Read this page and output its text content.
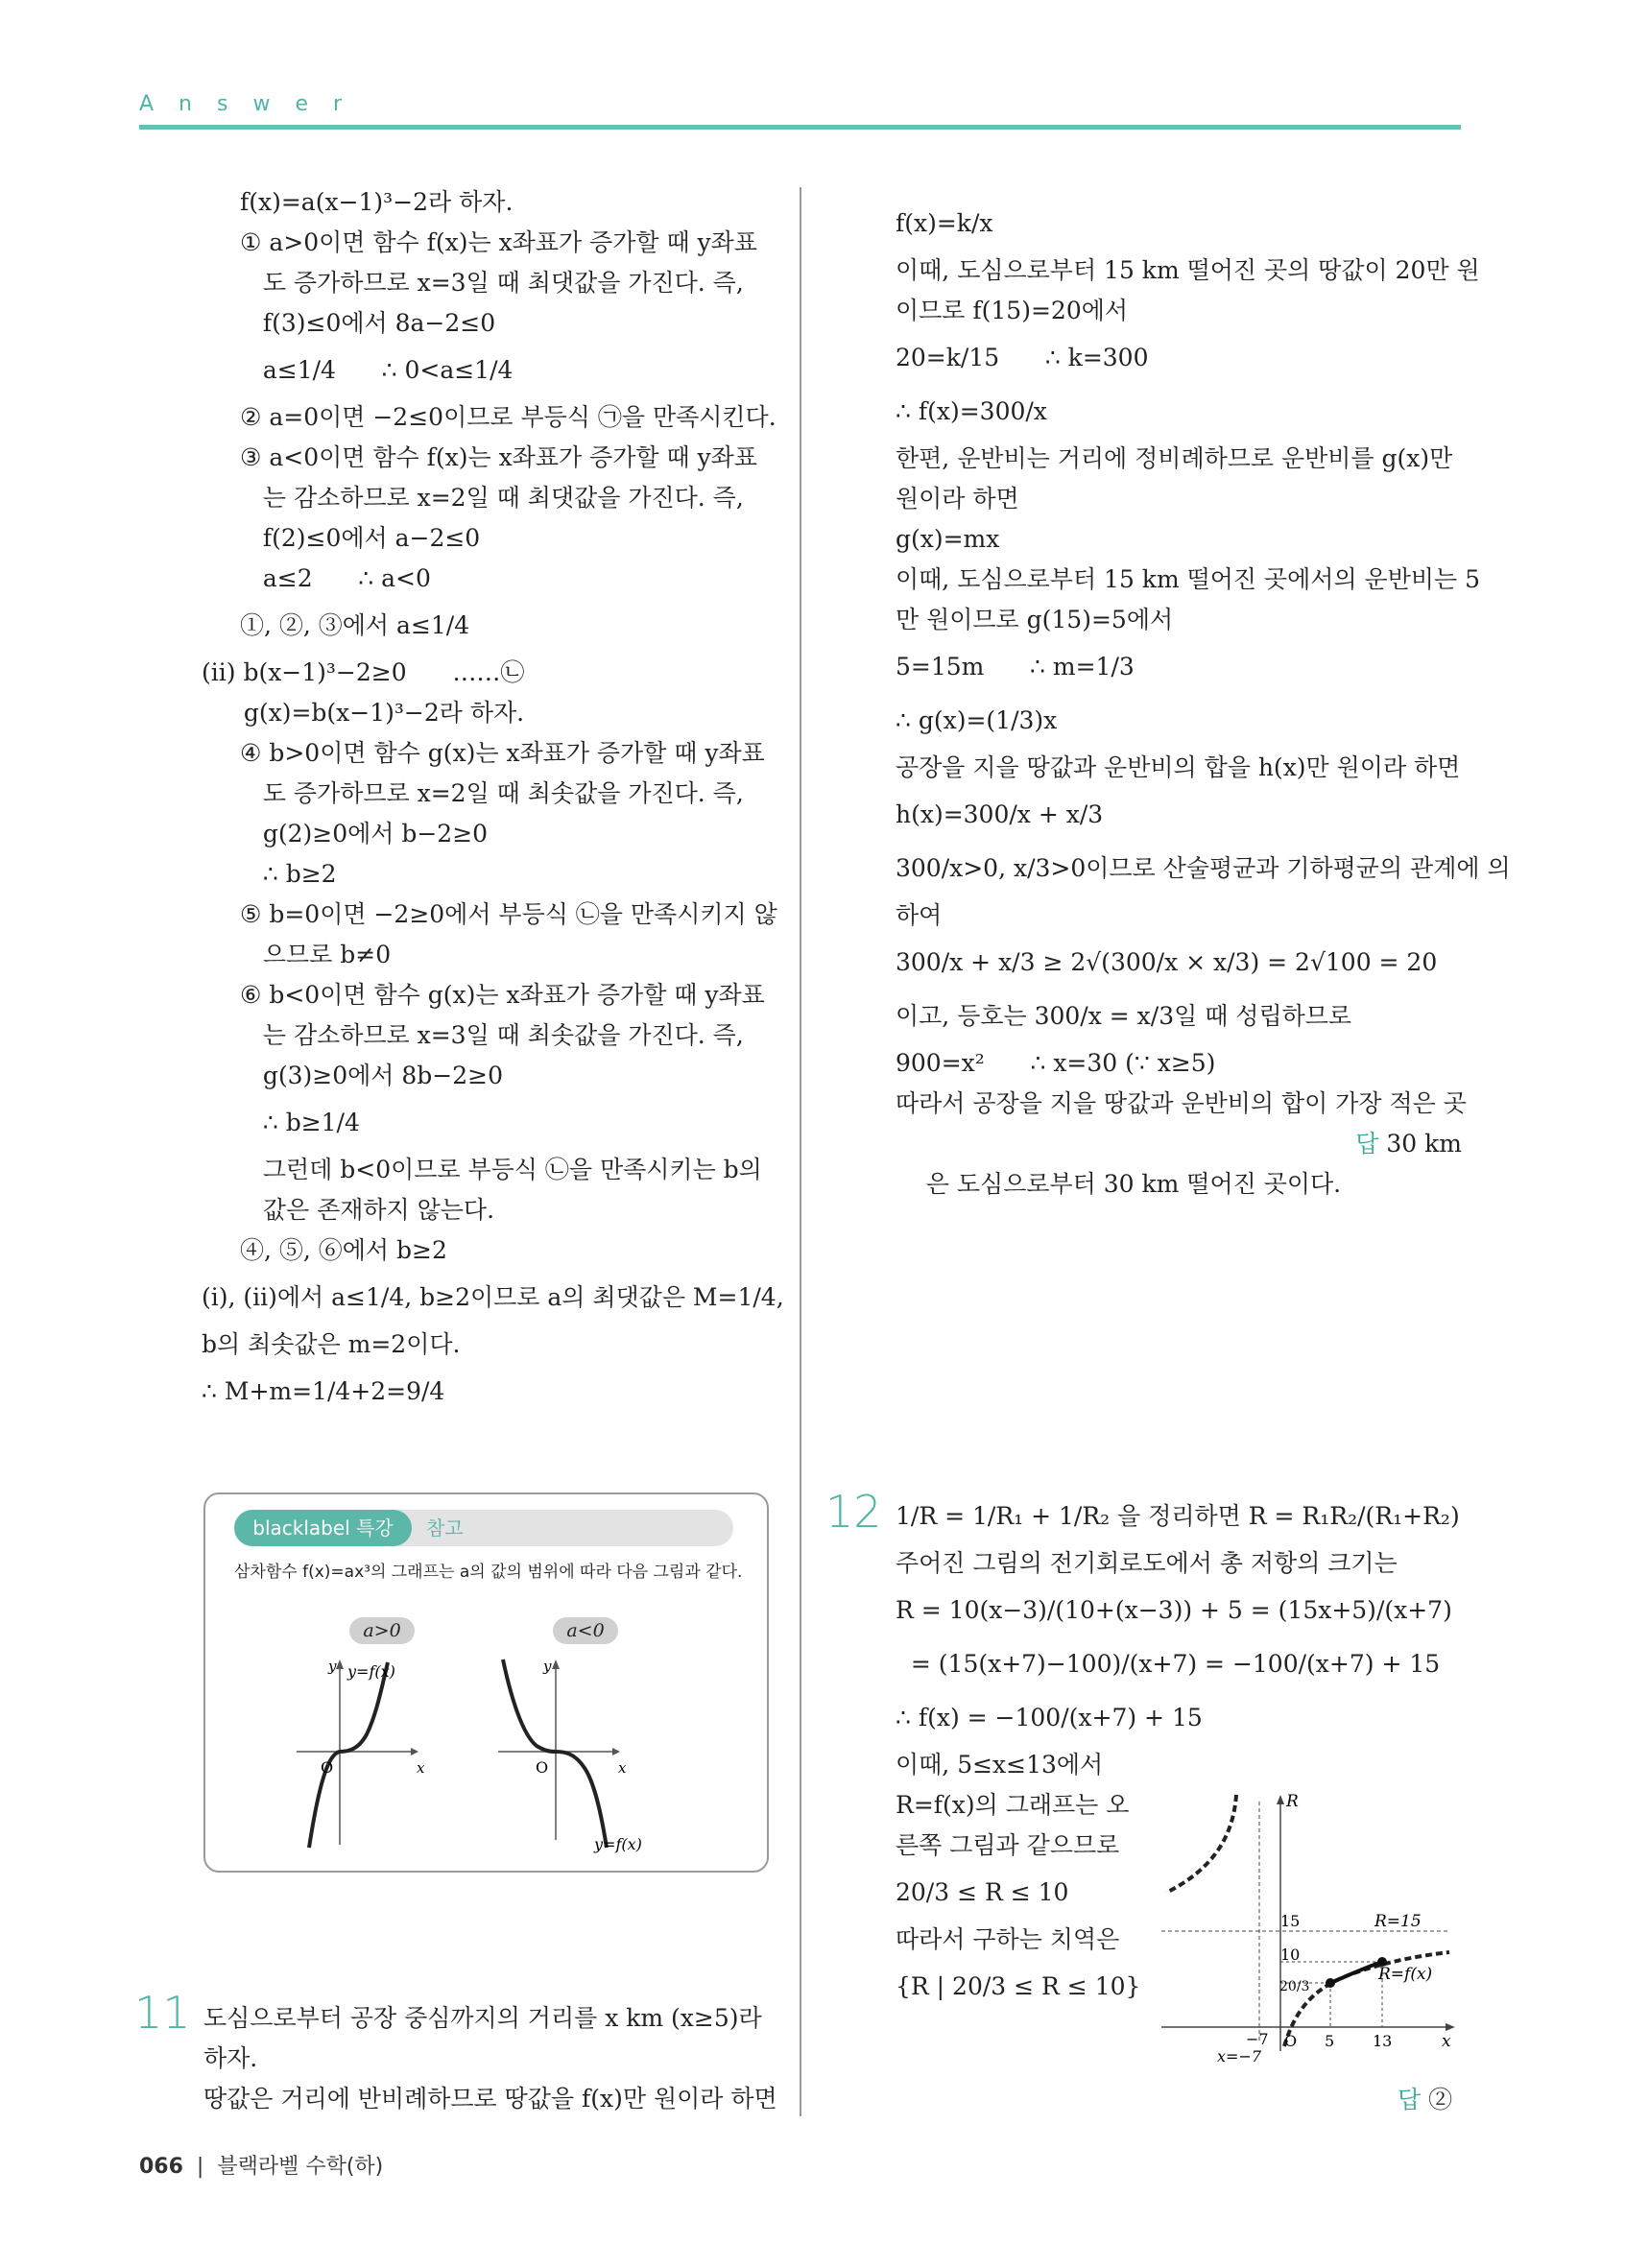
Answer
f(x)=a(x−1)³−2라 하자.
① a>0이면 함수 f(x)는 x좌표가 증가할 때 y좌표
도 증가하므로 x=3일 때 최댓값을 가진다. 즉,
f(3)≤0에서 8a−2≤0
a≤1/4      ∴ 0<a≤1/4
② a=0이면 −2≤0이므로 부등식 ㉠을 만족시킨다.
③ a<0이면 함수 f(x)는 x좌표가 증가할 때 y좌표
는 감소하므로 x=2일 때 최댓값을 가진다. 즉,
f(2)≤0에서 a−2≤0
a≤2      ∴ a<0
①, ②, ③에서 a≤1/4
(ii) b(x−1)³−2≥0      ……㉡
g(x)=b(x−1)³−2라 하자.
④ b>0이면 함수 g(x)는 x좌표가 증가할 때 y좌표
도 증가하므로 x=2일 때 최솟값을 가진다. 즉,
g(2)≥0에서 b−2≥0
∴ b≥2
⑤ b=0이면 −2≥0에서 부등식 ㉡을 만족시키지 않
으므로 b≠0
⑥ b<0이면 함수 g(x)는 x좌표가 증가할 때 y좌표
는 감소하므로 x=3일 때 최솟값을 가진다. 즉,
g(3)≥0에서 8b−2≥0
∴ b≥1/4
그런데 b<0이므로 부등식 ㉡을 만족시키는 b의
값은 존재하지 않는다.
④, ⑤, ⑥에서 b≥2
(i), (ii)에서 a≤1/4, b≥2이므로 a의 최댓값은 M=1/4,
b의 최솟값은 m=2이다.
∴ M+m=1/4+2=9/4
blacklabel 특강	참고
삼차함수 f(x)=ax³의 그래프는 a의 값의 범위에 따라 다음 그림과 같다.
a>0	a<0
y y=f(x)
x
O
y
x
O
y=f(x)
11 도심으로부터 공장 중심까지의 거리를 x km (x≥5)라
하자.
땅값은 거리에 반비례하므로 땅값을 f(x)만 원이라 하면
f(x)=k/x
이때, 도심으로부터 15 km 떨어진 곳의 땅값이 20만 원
이므로 f(15)=20에서
20=k/15      ∴ k=300
∴ f(x)=300/x
한편, 운반비는 거리에 정비례하므로 운반비를 g(x)만
원이라 하면
g(x)=mx
이때, 도심으로부터 15 km 떨어진 곳에서의 운반비는 5
만 원이므로 g(15)=5에서
5=15m      ∴ m=1/3
∴ g(x)=(1/3)x
공장을 지을 땅값과 운반비의 합을 h(x)만 원이라 하면
h(x)=300/x + x/3
300/x>0, x/3>0이므로 산술평균과 기하평균의 관계에 의
하여
300/x + x/3 ≥ 2√(300/x × x/3) = 2√100 = 20
이고, 등호는 300/x = x/3일 때 성립하므로
900=x²      ∴ x=30 (∵ x≥5)
따라서 공장을 지을 땅값과 운반비의 합이 가장 적은 곳

은 도심으로부터 30 km 떨어진 곳이다.

답 30 km

12 1/R = 1/R₁ + 1/R₂ 을 정리하면 R = R₁R₂/(R₁+R₂)
주어진 그림의 전기회로도에서 총 저항의 크기는
R = 10(x−3)/(10+(x−3)) + 5 = (15x+5)/(x+7)
= (15(x+7)−100)/(x+7) = −100/(x+7) + 15
∴ f(x) = −100/(x+7) + 15
이때, 5≤x≤13에서
R=f(x)의 그래프는 오
른쪽 그림과 같으므로
20/3 ≤ R ≤ 10
따라서 구하는 치역은
{R | 20/3 ≤ R ≤ 10}
R
x
15	R=15
10
20/3
R=f(x)
−7
x=−7
O 5 13
답 ②
066  |  블랙라벨 수학(하)
